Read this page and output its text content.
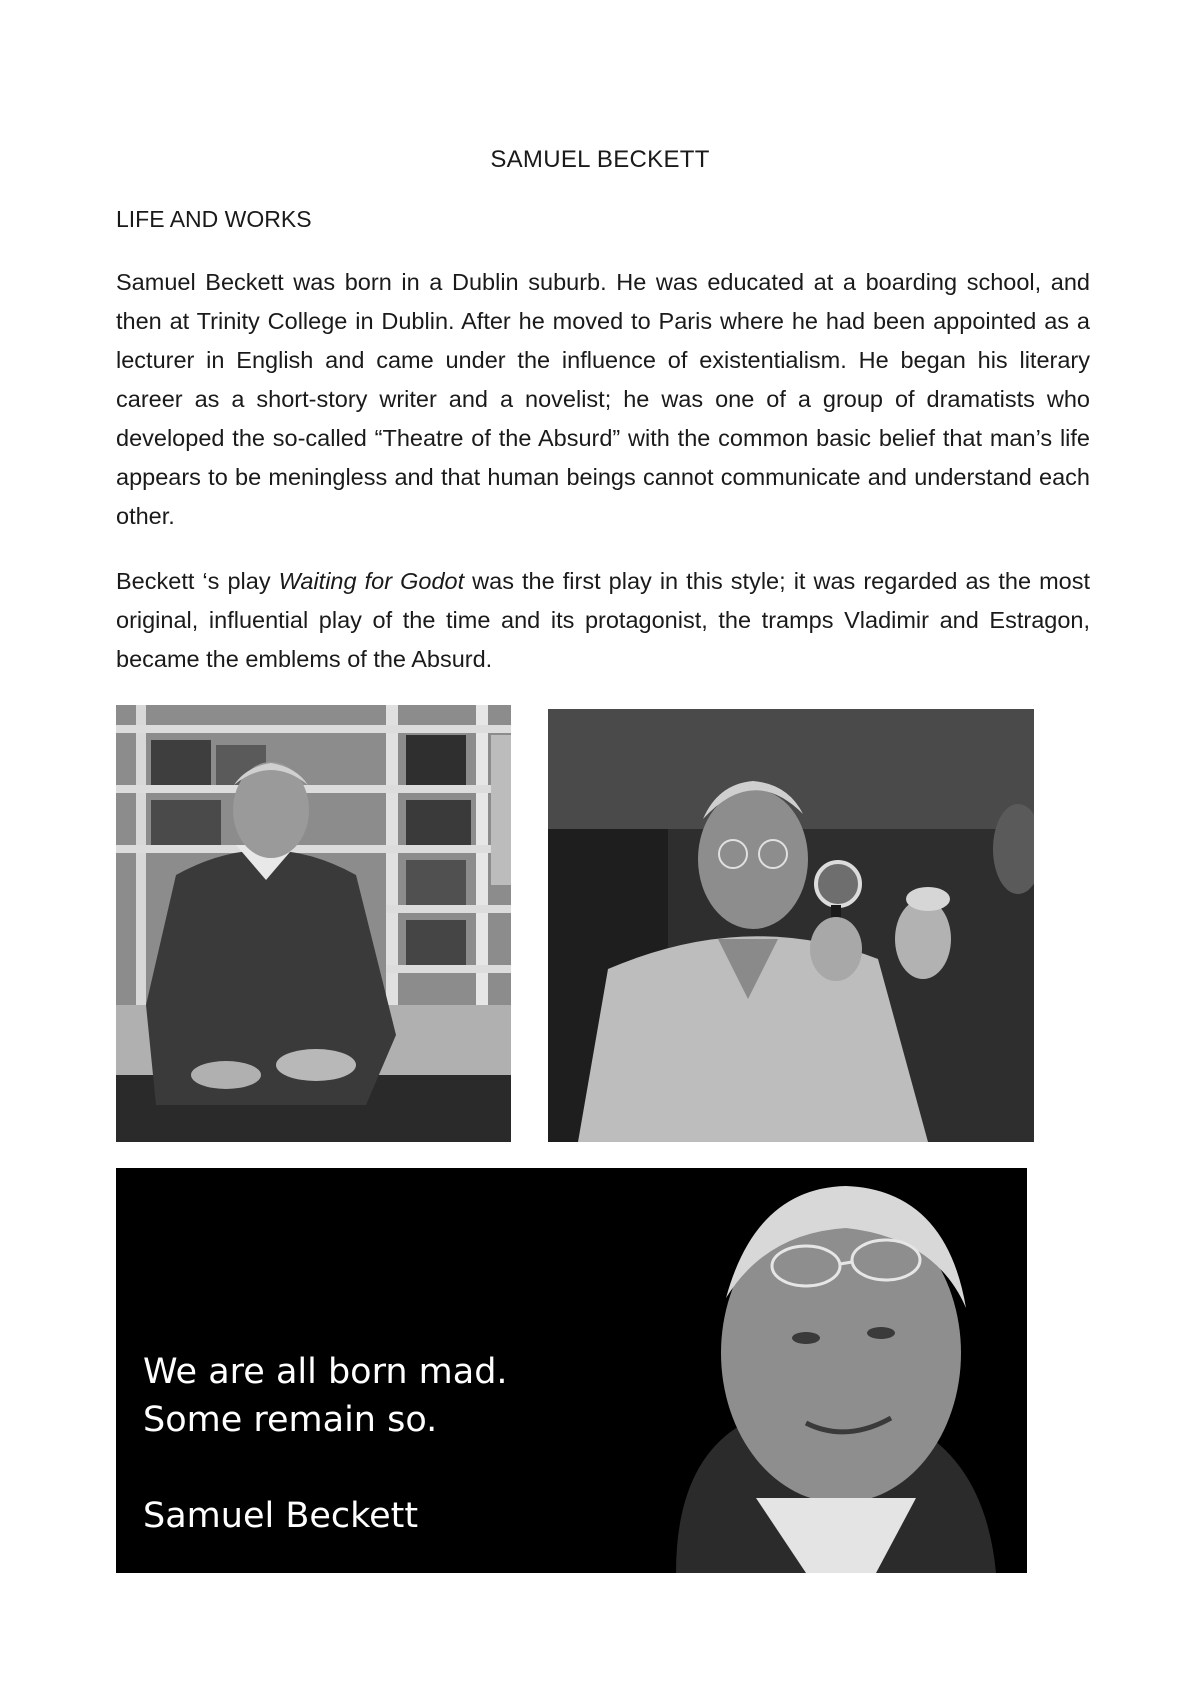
SAMUEL BECKETT
LIFE AND WORKS

Samuel Beckett was born in a Dublin suburb. He was educated at a boarding school, and then at Trinity College in Dublin. After he moved to Paris where he had been appointed as a lecturer in English and came under the influence of existentialism. He began his literary career as a short-story writer and a novelist; he was one of a group of dramatists who developed the so-called “Theatre of the Absurd” with the common basic belief that man’s life appears to be meningless and that human beings cannot communicate and understand each other.

Beckett ‘s play Waiting for Godot was the first play in this style; it was regarded as the most original, influential play of the time and its protagonist, the tramps Vladimir and Estragon, became the emblems of the Absurd.

We are all born mad.
Some remain so.

Samuel Beckett
